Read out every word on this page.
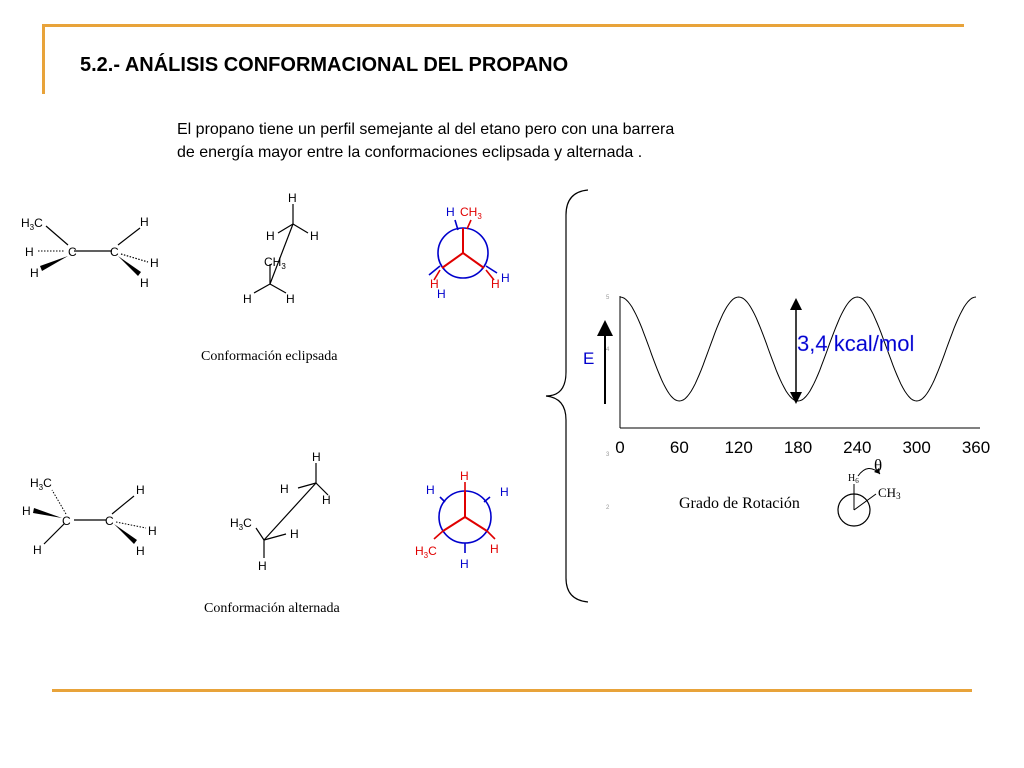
5.2.- ANÁLISIS CONFORMACIONAL DEL PROPANO
El propano tiene un perfil semejante al del etano pero con una barrera
de energía mayor entre la conformaciones eclipsada y alternada .
$H_3C$
H	C
H
C
H
H
H
H
H	H
$CH_3$
H	H
H $CH_3$
H
H
H H
Conformación eclipsada
$H_3C$
H
C
H
C
H
H
H
H
H
H
$H_3C$
H
H
H
H	H
$H_3C$	H
H
Conformación alternada
0	60 120 180 240 300 360
E
3,4 kcal/mol
Grado de Rotación
5
4
3
2
θ
$H_6$
CH3
